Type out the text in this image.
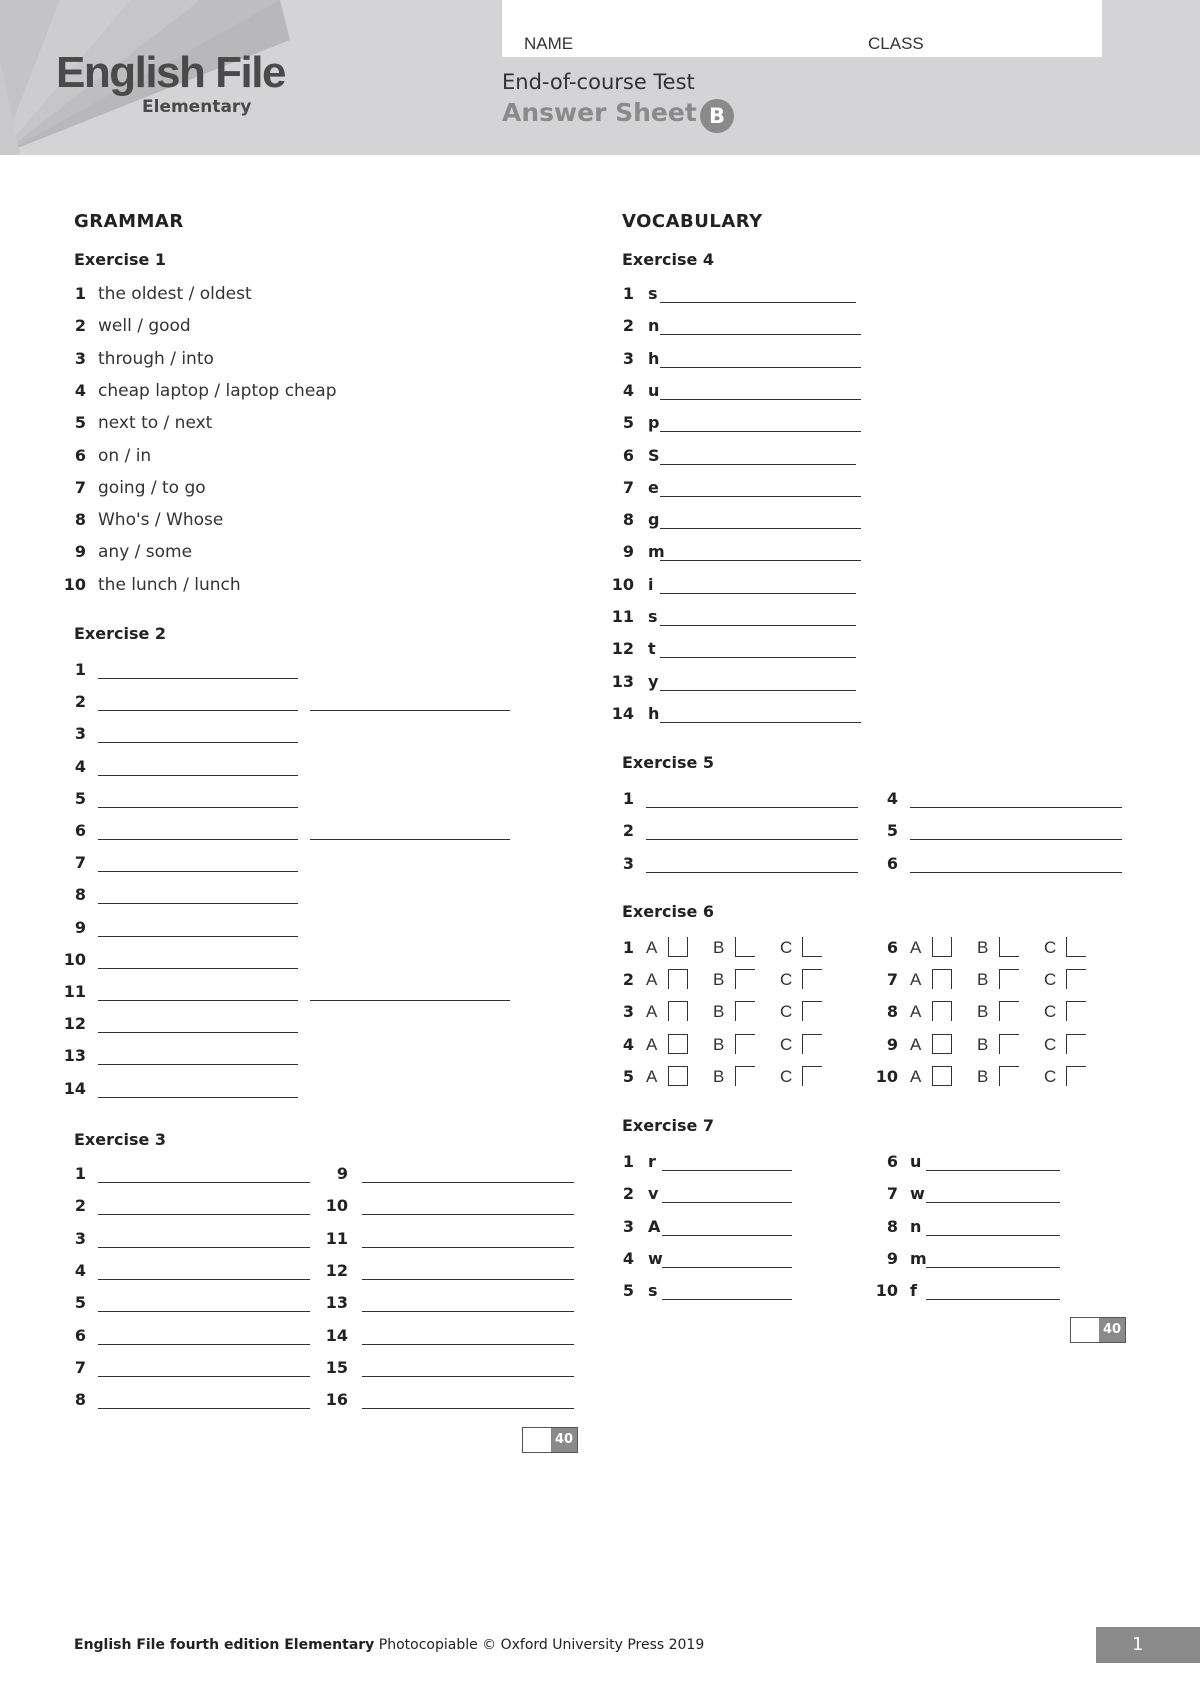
English File
Elementary
NAME	CLASS
End-of-course Test
Answer Sheet B
GRAMMAR
Exercise 1
1 the oldest / oldest
2 well / good
3 through / into
4 cheap laptop / laptop cheap
5 next to / next
6 on / in
7 going / to go
8 Who's / Whose
9 any / some
10 the lunch / lunch
Exercise 2
1
2
3
4
5
6
7
8
9
10
11
12
13
14
Exercise 3
1
2
3
4
5
6
7
8
9
10
11
12
13
14
15
16
40
VOCABULARY
Exercise 4
1 s
2 n
3 h
4 u
5 p
6 S
7 e
8 g
9 m
10 i
11 s
12 t
13 y
14 h
Exercise 5
1
2
3
4
5
6
Exercise 6
1 A	B	C
2 A	B	C
3 A	B	C
4 A	B	C
5 A	B	C
6 A	B	C
7 A	B	C
8 A	B	C
9 A	B	C
10 A	B	C
Exercise 7
1 r
2 v
3 A
4 w
5 s
6 u
7 w
8 n
9 m
10 f
40
English File fourth edition Elementary Photocopiable © Oxford University Press 2019	1
